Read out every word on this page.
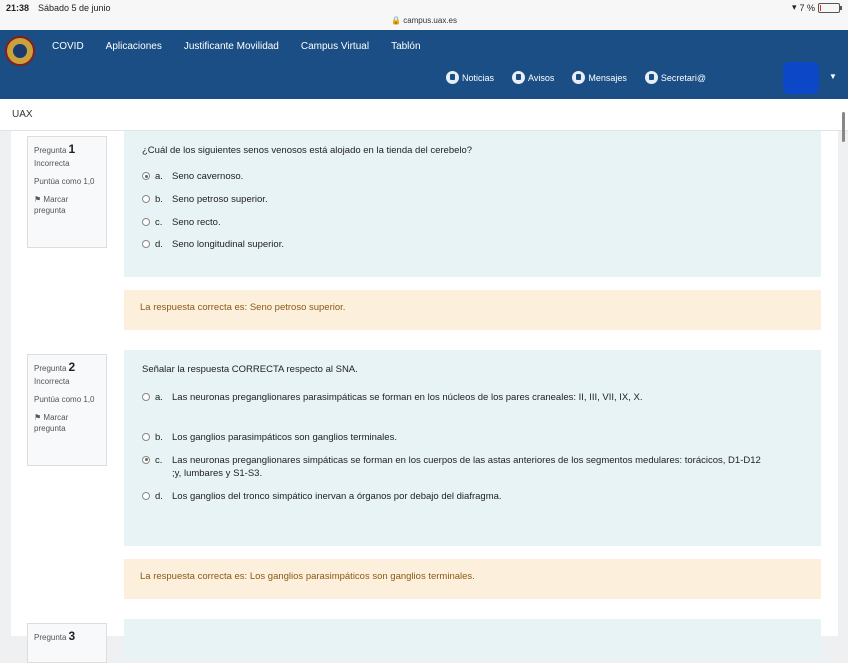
21:38 Sábado 5 de junio
🔒 campus.uax.es
▾ 7 %
COVID Aplicaciones Justificante Movilidad Campus Virtual Tablón
Noticias	Avisos	Mensajes	Secretari@	▼
UAX
Pregunta 1
Incorrecta
Puntúa como 1,0
⚑ Marcar pregunta
¿Cuál de los siguientes senos venosos está alojado en la tienda del cerebelo?
a. Seno cavernoso.
b. Seno petroso superior.
c.	Seno recto.
d. Seno longitudinal superior.
La respuesta correcta es: Seno petroso superior.
Pregunta 2
Incorrecta
Puntúa como 1,0
⚑ Marcar pregunta
Señalar la respuesta CORRECTA respecto al SNA.
a. Las neuronas preganglionares parasimpáticas se forman en los núcleos de los pares craneales: II, III, VII, IX, X.
b. Los ganglios parasimpáticos son ganglios terminales.
c.	Las neuronas preganglionares simpáticas se forman en los cuerpos de las astas anteriores de los segmentos medulares: torácicos, D1-D12 ;y, lumbares y S1-S3.
d. Los ganglios del tronco simpático inervan a órganos por debajo del diafragma.
La respuesta correcta es: Los ganglios parasimpáticos son ganglios terminales.
Pregunta 3
